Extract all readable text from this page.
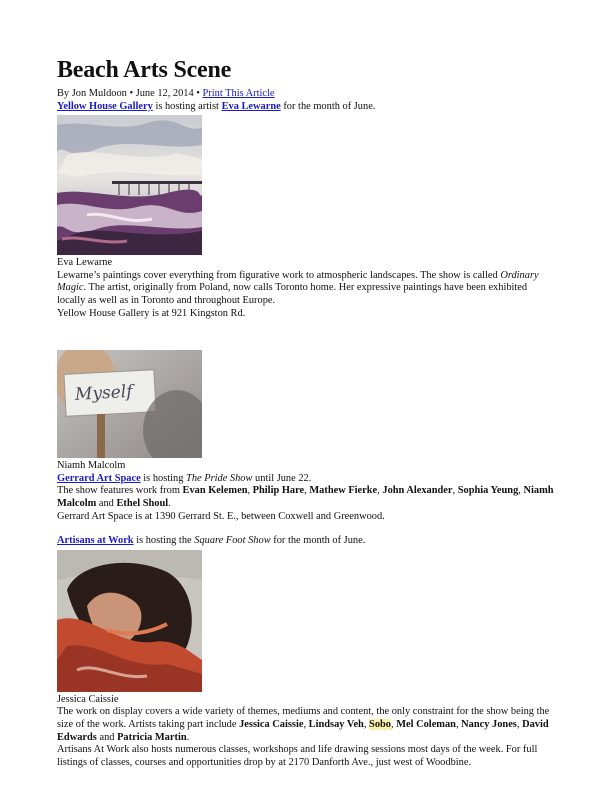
Beach Arts Scene

By Jon Muldoon • June 12, 2014 • Print This Article

Yellow House Gallery is hosting artist Eva Lewarne for the month of June.

Eva Lewarne

Lewarne’s paintings cover everything from figurative work to atmospheric landscapes. The show is called Ordinary Magic. The artist, originally from Poland, now calls Toronto home. Her expressive paintings have been exhibited locally as well as in Toronto and throughout Europe.

Yellow House Gallery is at 921 Kingston Rd.

Myself

Niamh Malcolm

Gerrard Art Space is hosting The Pride Show until June 22.

The show features work from Evan Kelemen, Philip Hare, Mathew Fierke, John Alexander, Sophia Yeung, Niamh Malcolm and Ethel Shoul.

Gerrard Art Space is at 1390 Gerrard St. E., between Coxwell and Greenwood.

Artisans at Work is hosting the Square Foot Show for the month of June.

Jessica Caissie

The work on display covers a wide variety of themes, mediums and content, the only constraint for the show being the size of the work. Artists taking part include Jessica Caissie, Lindsay Veh, Sobo, Mel Coleman, Nancy Jones, David Edwards and Patricia Martin.

Artisans At Work also hosts numerous classes, workshops and life drawing sessions most days of the week. For full listings of classes, courses and opportunities drop by at 2170 Danforth Ave., just west of Woodbine.
